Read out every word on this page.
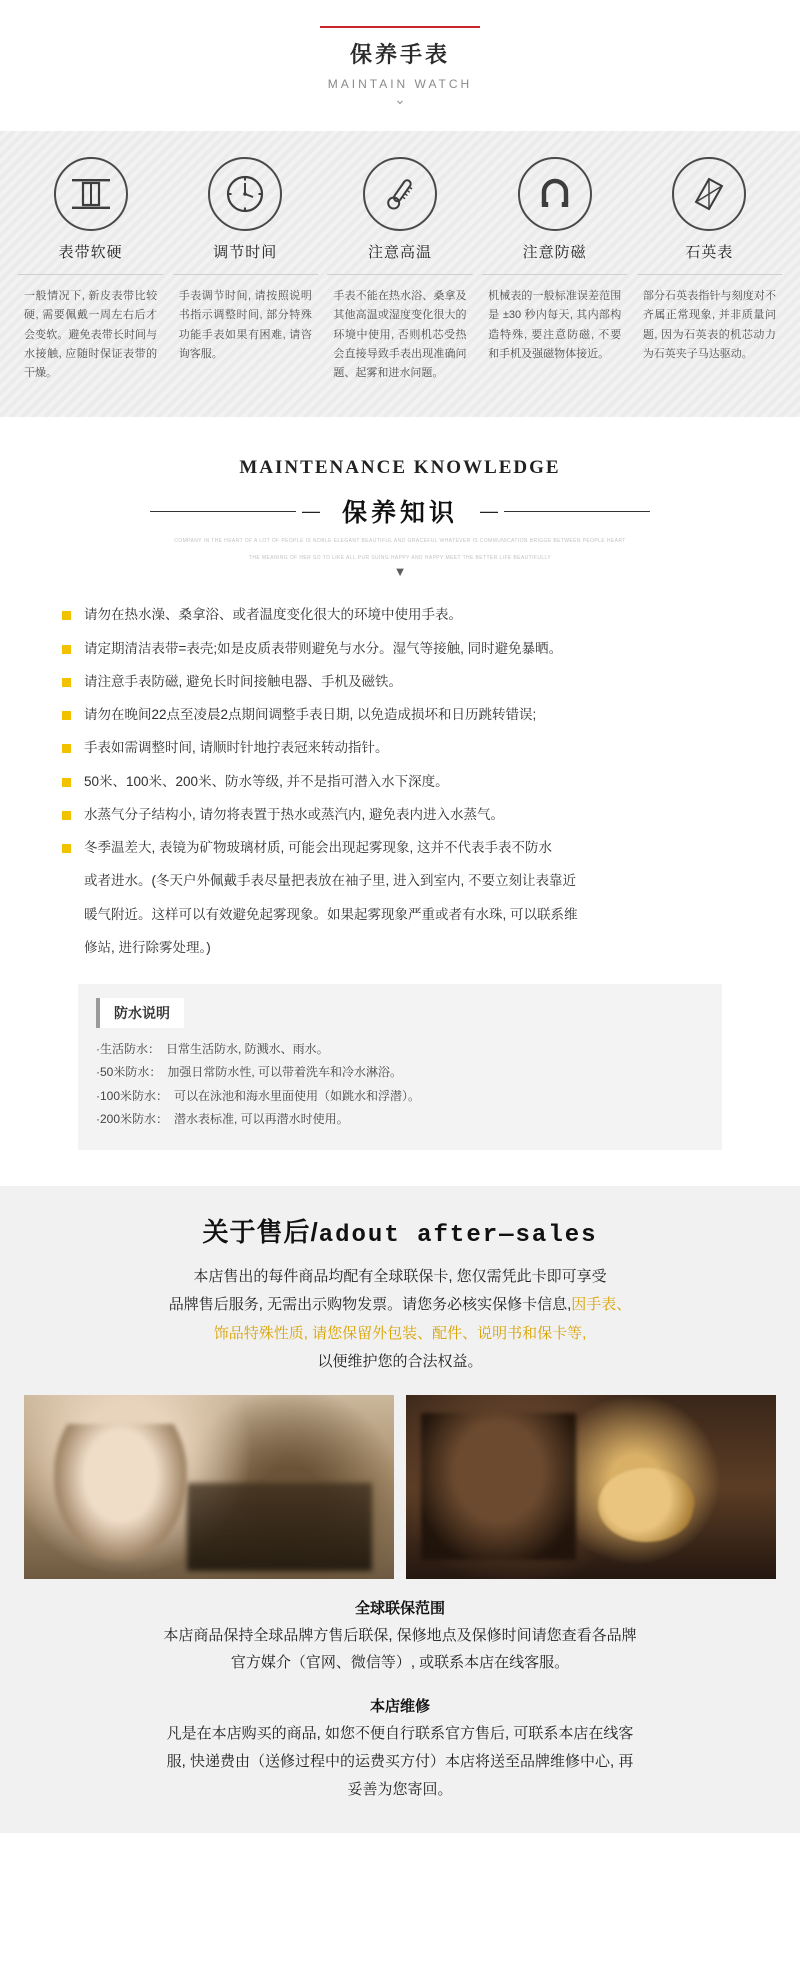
保养手表
MAINTAIN WATCH
⌄
表带软硬
一般情况下, 新皮表带比较硬, 需要佩戴一周左右后才会变软。避免表带长时间与水接触, 应随时保证表带的干燥。
调节时间
手表调节时间, 请按照说明书指示调整时间, 部分特殊功能手表如果有困难, 请咨询客服。
注意高温
手表不能在热水浴、桑拿及其他高温或湿度变化很大的环境中使用, 否则机芯受热会直接导致手表出现准确问题、起雾和进水问题。
注意防磁
机械表的一般标准误差范围是 ±30 秒内每天, 其内部构造特殊, 要注意防磁, 不要和手机及强磁物体接近。
石英表
部分石英表指针与刻度对不齐属正常现象, 并非质量问题, 因为石英表的机芯动力为石英夹子马达驱动。
MAINTENANCE KNOWLEDGE
— 保养知识 —
COMPANY IN THE HEART OF A LOT OF PEOPLE IS NOBLE ELEGANT BEAUTIFUL AND GRACEFUL WHATEVER IS COMMUNICATION BRIGGE BETWEEN PEOPLE HEART
THE MEANING OF HER SO TO LIKE ALL PUR SUING HAPPY AND HAPPY MEET THE BETTER LIFE BEAUTIFULLY
▼
请勿在热水澡、桑拿浴、或者温度变化很大的环境中使用手表。
请定期清洁表带=表壳;如是皮质表带则避免与水分。湿气等接触, 同时避免暴晒。
请注意手表防磁, 避免长时间接触电器、手机及磁铁。
请勿在晚间22点至凌晨2点期间调整手表日期, 以免造成损坏和日历跳转错误;
手表如需调整时间, 请顺时针地拧表冠来转动指针。
50米、100米、200米、防水等级, 并不是指可潜入水下深度。
水蒸气分子结构小, 请勿将表置于热水或蒸汽内, 避免表内进入水蒸气。
冬季温差大, 表镜为矿物玻璃材质, 可能会出现起雾现象, 这并不代表手表不防水
或者进水。(冬天户外佩戴手表尽量把表放在袖子里, 进入到室内, 不要立刻让表靠近
暖气附近。这样可以有效避免起雾现象。如果起雾现象严重或者有水珠, 可以联系维
修站, 进行除雾处理。)
防水说明
·生活防水：　日常生活防水, 防溅水、雨水。
·50米防水：　加强日常防水性, 可以带着洗车和冷水淋浴。
·100米防水：　可以在泳池和海水里面使用（如跳水和浮潜）。
·200米防水：　潜水表标准, 可以再潜水时使用。
关于售后/adout after—sales
本店售出的每件商品均配有全球联保卡, 您仅需凭此卡即可享受
品牌售后服务, 无需出示购物发票。请您务必核实保修卡信息,因手表、
饰品特殊性质, 请您保留外包装、配件、说明书和保卡等,
以便维护您的合法权益。
全球联保范围
本店商品保持全球品牌方售后联保, 保修地点及保修时间请您查看各品牌
官方媒介（官网、微信等）, 或联系本店在线客服。
本店维修
凡是在本店购买的商品, 如您不便自行联系官方售后, 可联系本店在线客
服, 快递费由（送修过程中的运费买方付）本店将送至品牌维修中心, 再
妥善为您寄回。
